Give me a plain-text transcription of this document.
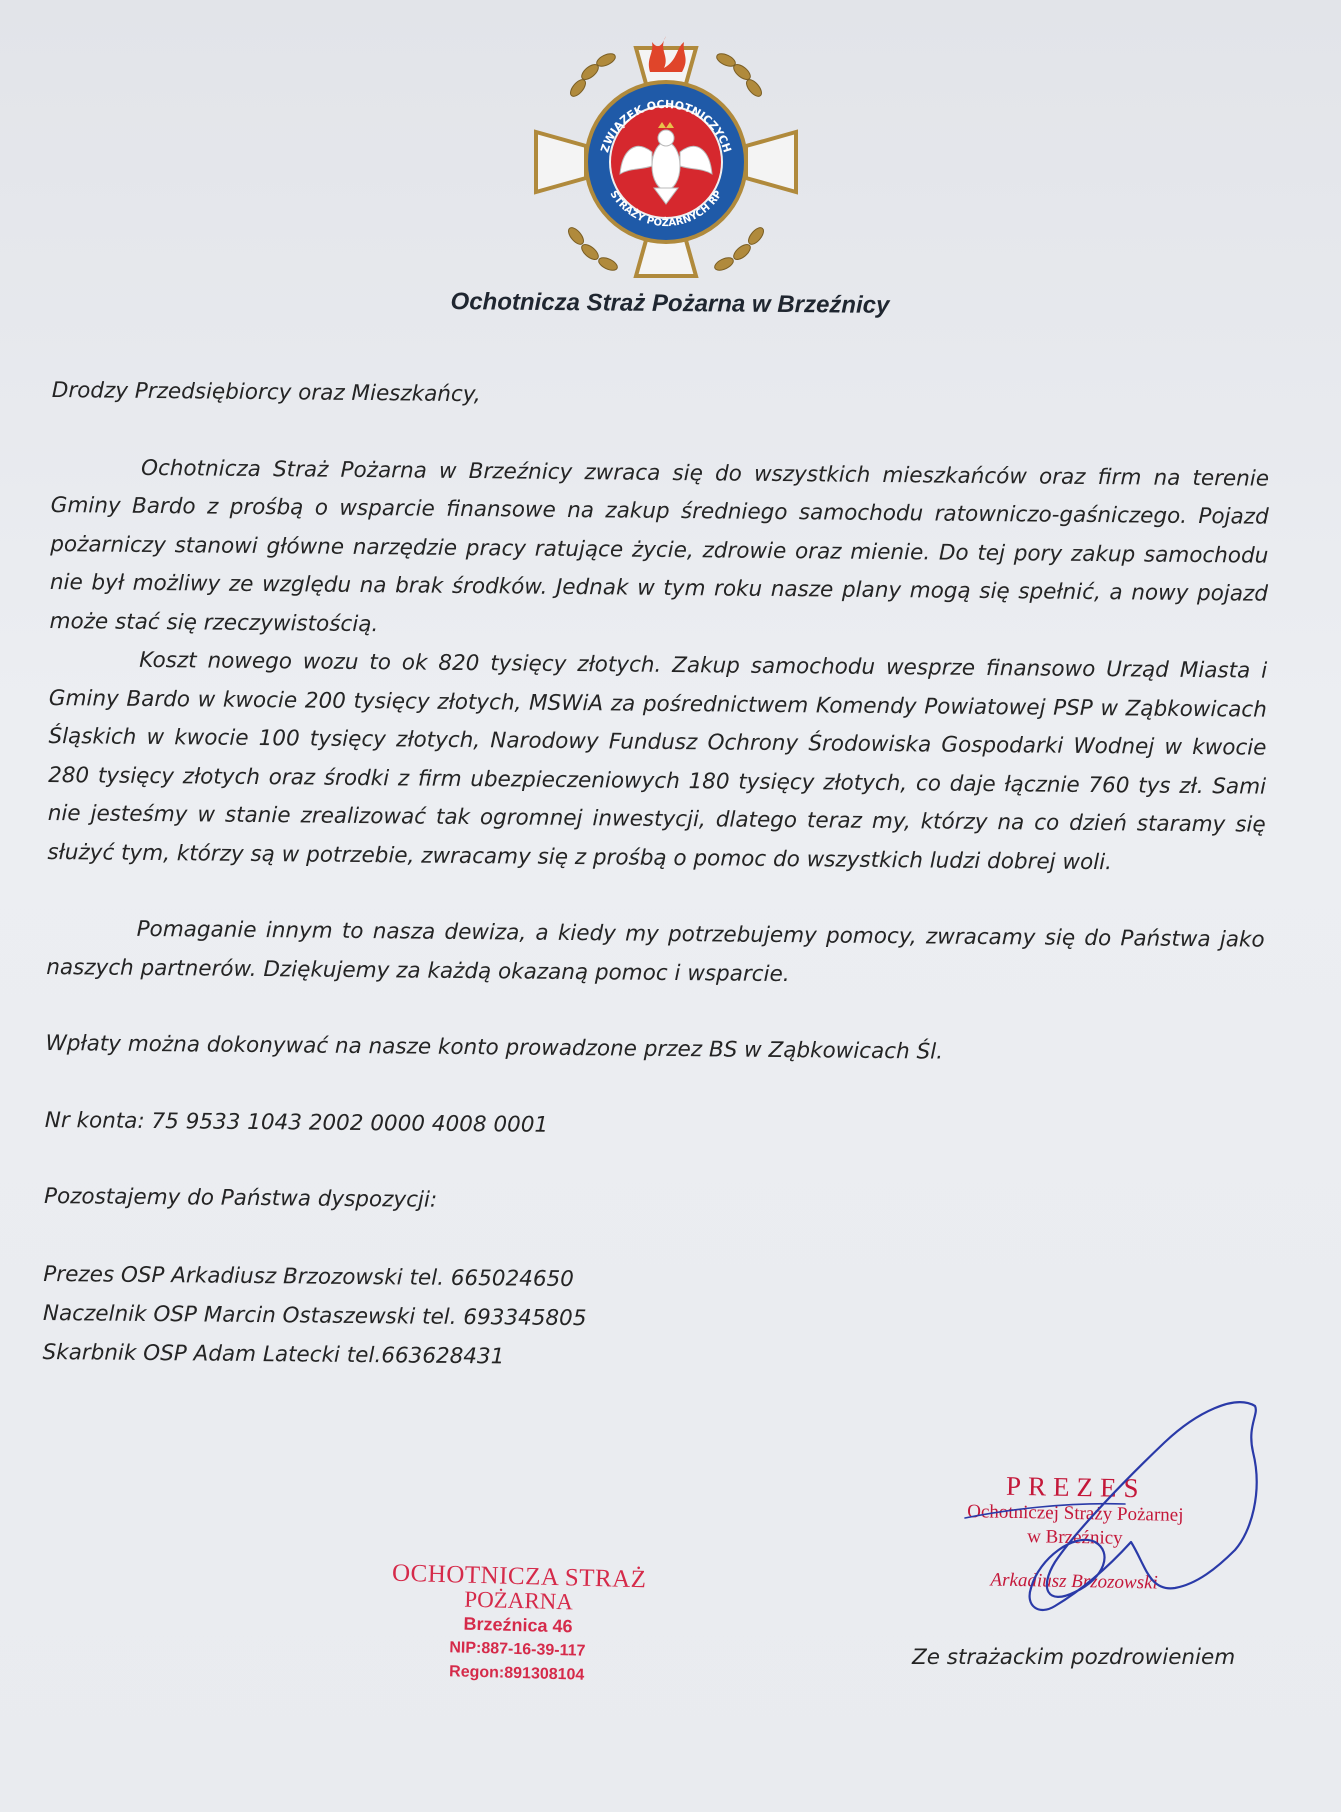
ZWIĄZEK OCHOTNICZYCH
STRAŻY POŻARNYCH RP
Ochotnicza Straż Pożarna w Brzeźnicy

Drodzy Przedsiębiorcy oraz Mieszkańcy,

Ochotnicza Straż Pożarna w Brzeźnicy zwraca się do wszystkich mieszkańców oraz firm na terenie Gminy Bardo z prośbą o wsparcie finansowe na zakup średniego samochodu ratowniczo-gaśniczego. Pojazd pożarniczy stanowi główne narzędzie pracy ratujące życie, zdrowie oraz mienie. Do tej pory zakup samochodu nie był możliwy ze względu na brak środków. Jednak w tym roku nasze plany mogą się spełnić, a nowy pojazd może stać się rzeczywistością.

Koszt nowego wozu to ok 820 tysięcy złotych. Zakup samochodu wesprze finansowo Urząd Miasta i Gminy Bardo w kwocie 200 tysięcy złotych, MSWiA za pośrednictwem Komendy Powiatowej PSP w Ząbkowicach Śląskich w kwocie 100 tysięcy złotych, Narodowy Fundusz Ochrony Środowiska Gospodarki Wodnej w kwocie 280 tysięcy złotych oraz środki z firm ubezpieczeniowych 180 tysięcy złotych, co daje łącznie 760 tys zł. Sami nie jesteśmy w stanie zrealizować tak ogromnej inwestycji, dlatego teraz my, którzy na co dzień staramy się służyć tym, którzy są w potrzebie, zwracamy się z prośbą o pomoc do wszystkich ludzi dobrej woli.

Pomaganie innym to nasza dewiza, a kiedy my potrzebujemy pomocy, zwracamy się do Państwa jako naszych partnerów. Dziękujemy za każdą okazaną pomoc i wsparcie.

Wpłaty można dokonywać na nasze konto prowadzone przez BS w Ząbkowicach Śl.

Nr konta: 75 9533 1043 2002 0000 4008 0001

Pozostajemy do Państwa dyspozycji:

Prezes OSP Arkadiusz Brzozowski tel. 665024650

Naczelnik OSP Marcin Ostaszewski tel. 693345805

Skarbnik OSP Adam Latecki tel.663628431

OCHOTNICZA STRAŻ
POŻARNA
Brzeźnica 46
NIP:887-16-39-117
Regon:891308104
PREZES
Ochotniczej Straży Pożarnej
w Brzeźnicy
Arkadiusz Brzozowski
Ze strażackim pozdrowieniem
